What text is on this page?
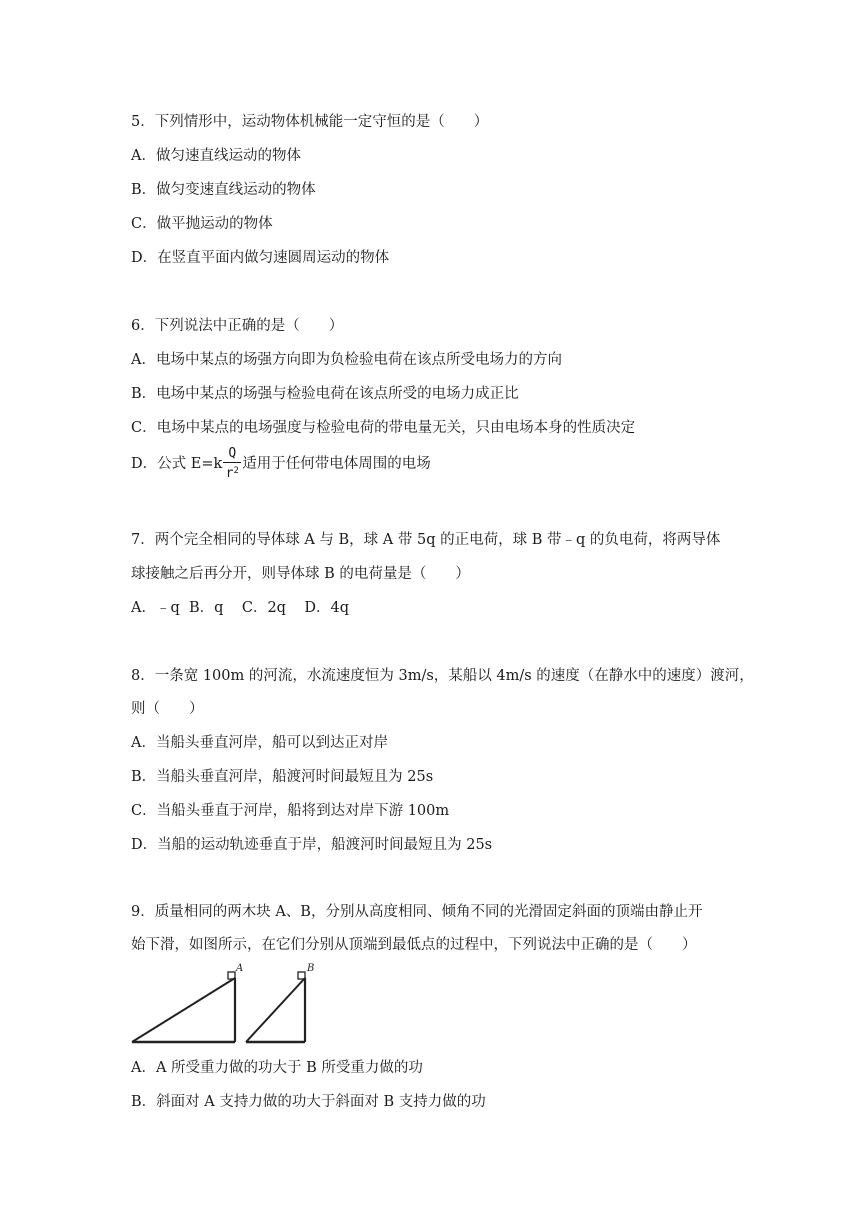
5．下列情形中，运动物体机械能一定守恒的是（　　）
A．做匀速直线运动的物体
B．做匀变速直线运动的物体
C．做平抛运动的物体
D．在竖直平面内做匀速圆周运动的物体
6．下列说法中正确的是（　　）
A．电场中某点的场强方向即为负检验电荷在该点所受电场力的方向
B．电场中某点的场强与检验电荷在该点所受的电场力成正比
C．电场中某点的电场强度与检验电荷的带电量无关，只由电场本身的性质决定
D．公式 $E=k \frac{Q}{r^2}$ 适用于任何带电体周围的电场
7．两个完全相同的导体球 A 与 B，球 A 带 5q 的正电荷，球 B 带﹣q 的负电荷，将两导体
球接触之后再分开，则导体球 B 的电荷量是（　　）
A．﹣q  B．q    C．2q    D．4q
8．一条宽 100m 的河流，水流速度恒为 3m/s，某船以 4m/s 的速度（在静水中的速度）渡河，
则（　　）
A．当船头垂直河岸，船可以到达正对岸
B．当船头垂直河岸，船渡河时间最短且为 25s
C．当船头垂直于河岸，船将到达对岸下游 100m
D．当船的运动轨迹垂直于岸，船渡河时间最短且为 25s
9．质量相同的两木块 A、B，分别从高度相同、倾角不同的光滑固定斜面的顶端由静止开
始下滑，如图所示，在它们分别从顶端到最低点的过程中，下列说法中正确的是（　　）
A	B
A．A 所受重力做的功大于 B 所受重力做的功
B．斜面对 A 支持力做的功大于斜面对 B 支持力做的功
